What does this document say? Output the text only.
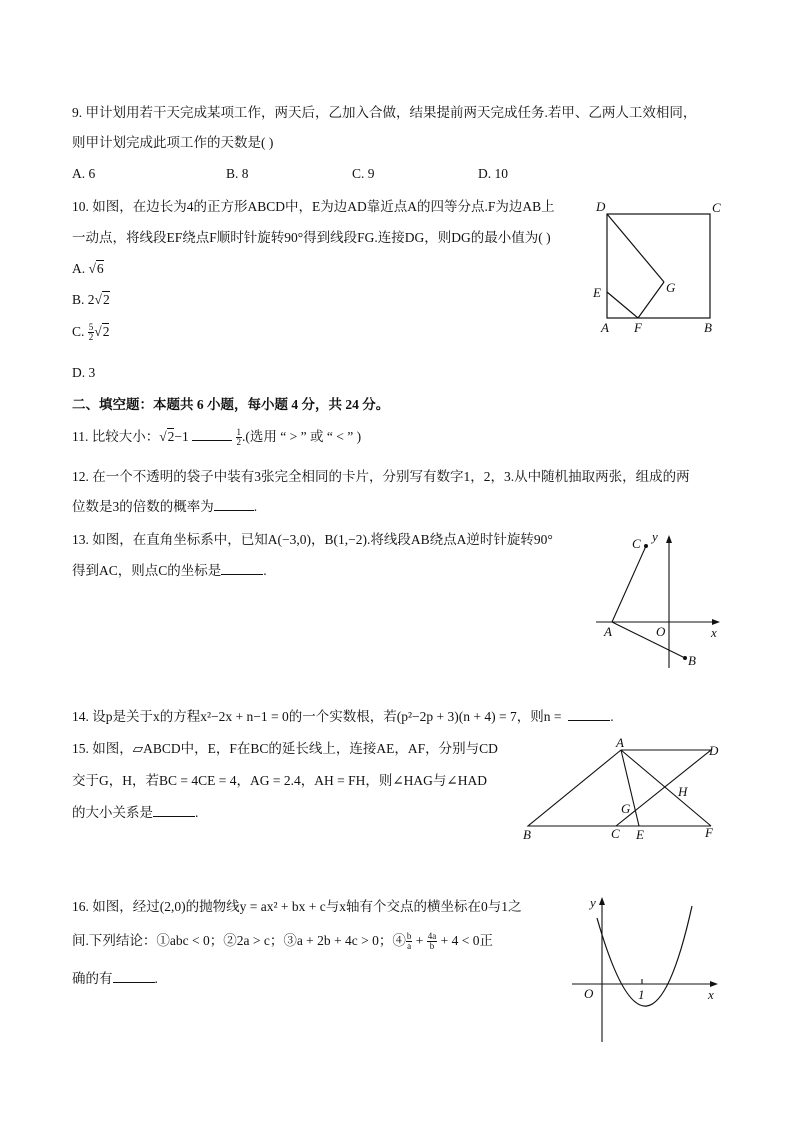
9. 甲计划用若干天完成某项工作，两天后，乙加入合做，结果提前两天完成任务.若甲、乙两人工效相同，
则甲计划完成此项工作的天数是( )
A. 6	B. 8	C. 9	D. 10
10. 如图，在边长为4的正方形ABCD中，E为边AD靠近点A的四等分点.F为边AB上
一动点，将线段EF绕点F顺时针旋转90°得到线段FG.连接DG，则DG的最小值为( )
A. √6
B. 2√2
C. $\frac{5}{2} √2$
D. 3
D	C
E	G
A F	B
二、填空题：本题共 6 小题，每小题 4 分，共 24 分。
11. 比较大小：√2−1	$\frac{1}{2}$ .(选用 “ > ” 或 “ < ” )
12. 在一个不透明的袋子中装有3张完全相同的卡片，分别写有数字1，2，3.从中随机抽取两张，组成的两
位数是3的倍数的概率为	.
13. 如图，在直角坐标系中，已知A(−3,0)，B(1,−2).将线段AB绕点A逆时针旋转90°
得到AC，则点C的坐标是	.
C y
A	O	x
B
14. 设p是关于x的方程x²−2x + n−1 = 0的一个实数根，若(p²−2p + 3)(n + 4) = 7，则n =	.
15. 如图，▱ABCD中，E，F在BC的延长线上，连接AE，AF，分别与CD
交于G，H，若BC = 4CE = 4，AG = 2.4，AH = FH，则∠HAG与∠HAD
的大小关系是	.
A
D
H
G
B	C E	F
16. 如图，经过(2,0)的抛物线y = ax² + bx + c与x轴有个交点的横坐标在0与1之
间.下列结论：①abc < 0；②2a > c；③a + 2b + 4c > 0；④ $\frac{b}{a} + \frac{4a}{b} + 4 < 0$正
确的有	.
y
O	1	x
